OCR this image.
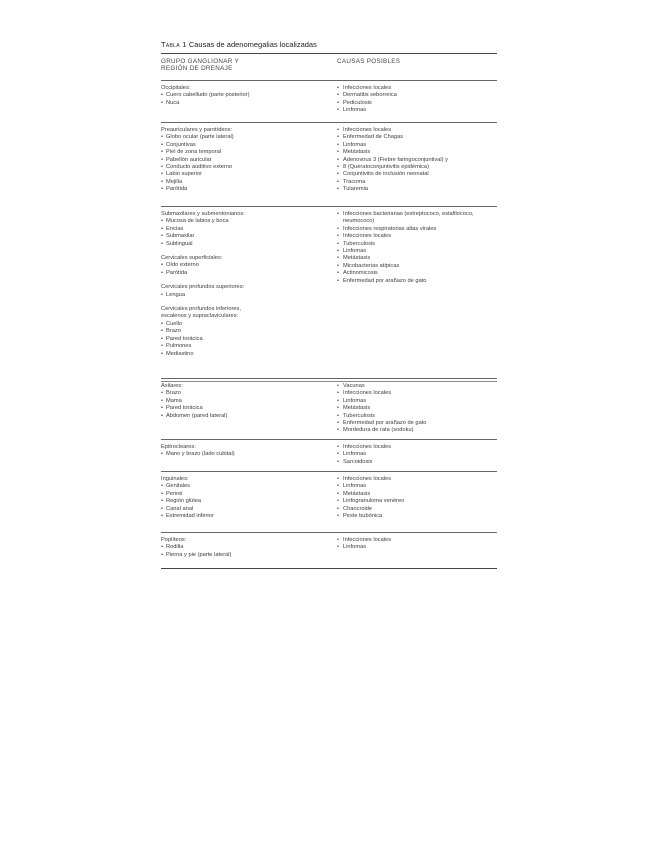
Tabla 1 Causas de adenomegalias localizadas
GRUPO GANGLIONAR Y
REGIÓN DE DRENAJE
CAUSAS POSIBLES
Occipitales:
• Cuero cabelludo (parte posterior)
• Nuca
• Infecciones locales
• Dermatitis seborreica
• Pediculosis
• Linfomas
Preauriculares y parotídeos:
• Globo ocular (parte lateral)
• Conjuntivas
• Piel de zona temporal
• Pabellón auricular
• Conducto auditivo externo
• Labio superior
• Mejilla
• Parótida
• Infecciones locales
• Enfermedad de Chagas
• Linfomas
• Metástasis
• Adenovirus 3 (Fiebre faringoconjuntival) y
• 8 (Queratoconjuntivitis epidémica)
• Conjuntivitis de inclusión neonatal
• Tracoma
• Tularemia
Submaxilares y submentonianos:
• Mucosa de labios y boca
• Encías
• Submaxilar
• Sublingual
Cervicales superficiales:
• Oído externo
• Parótida
Cervicales profundos superiores:
• Lengua
Cervicales profundos inferiores,
escalenos y supraclaviculares:
• Cuello
• Brazo
• Pared torácica
• Pulmones
• Mediastino
• Infecciones bacterianas (estreptococo, estafilococo,
neumococo)
• Infecciones respiratorias altas virales
• Infecciones locales
• Tuberculosis
• Linfomas
• Metástasis
• Micobacterias atípicas
• Actinomicosis
• Enfermedad por arañazo de gato
Axilares:
• Brazo
• Mama
• Pared torácica
• Abdomen (pared lateral)
• Vacunas
• Infecciones locales
• Linfomas
• Metástasis
• Tuberculosis
• Enfermedad por arañazo de gato
• Mordedura de rata (sodoku)
Epitrocleares:
• Mano y brazo (lado cubital)
• Infecciones locales
• Linfomas
• Sarcoidosis
Inguinales:
• Genitales
• Periné
• Región glútea
• Canal anal
• Extremidad inferior
• Infecciones locales
• Linfomas
• Metástasis
• Linfogranuloma venéreo
• Chancroide
• Peste bubónica
Poplíteos:
• Rodilla
• Pierna y pie (parte lateral)
• Infecciones locales
• Linfomas
